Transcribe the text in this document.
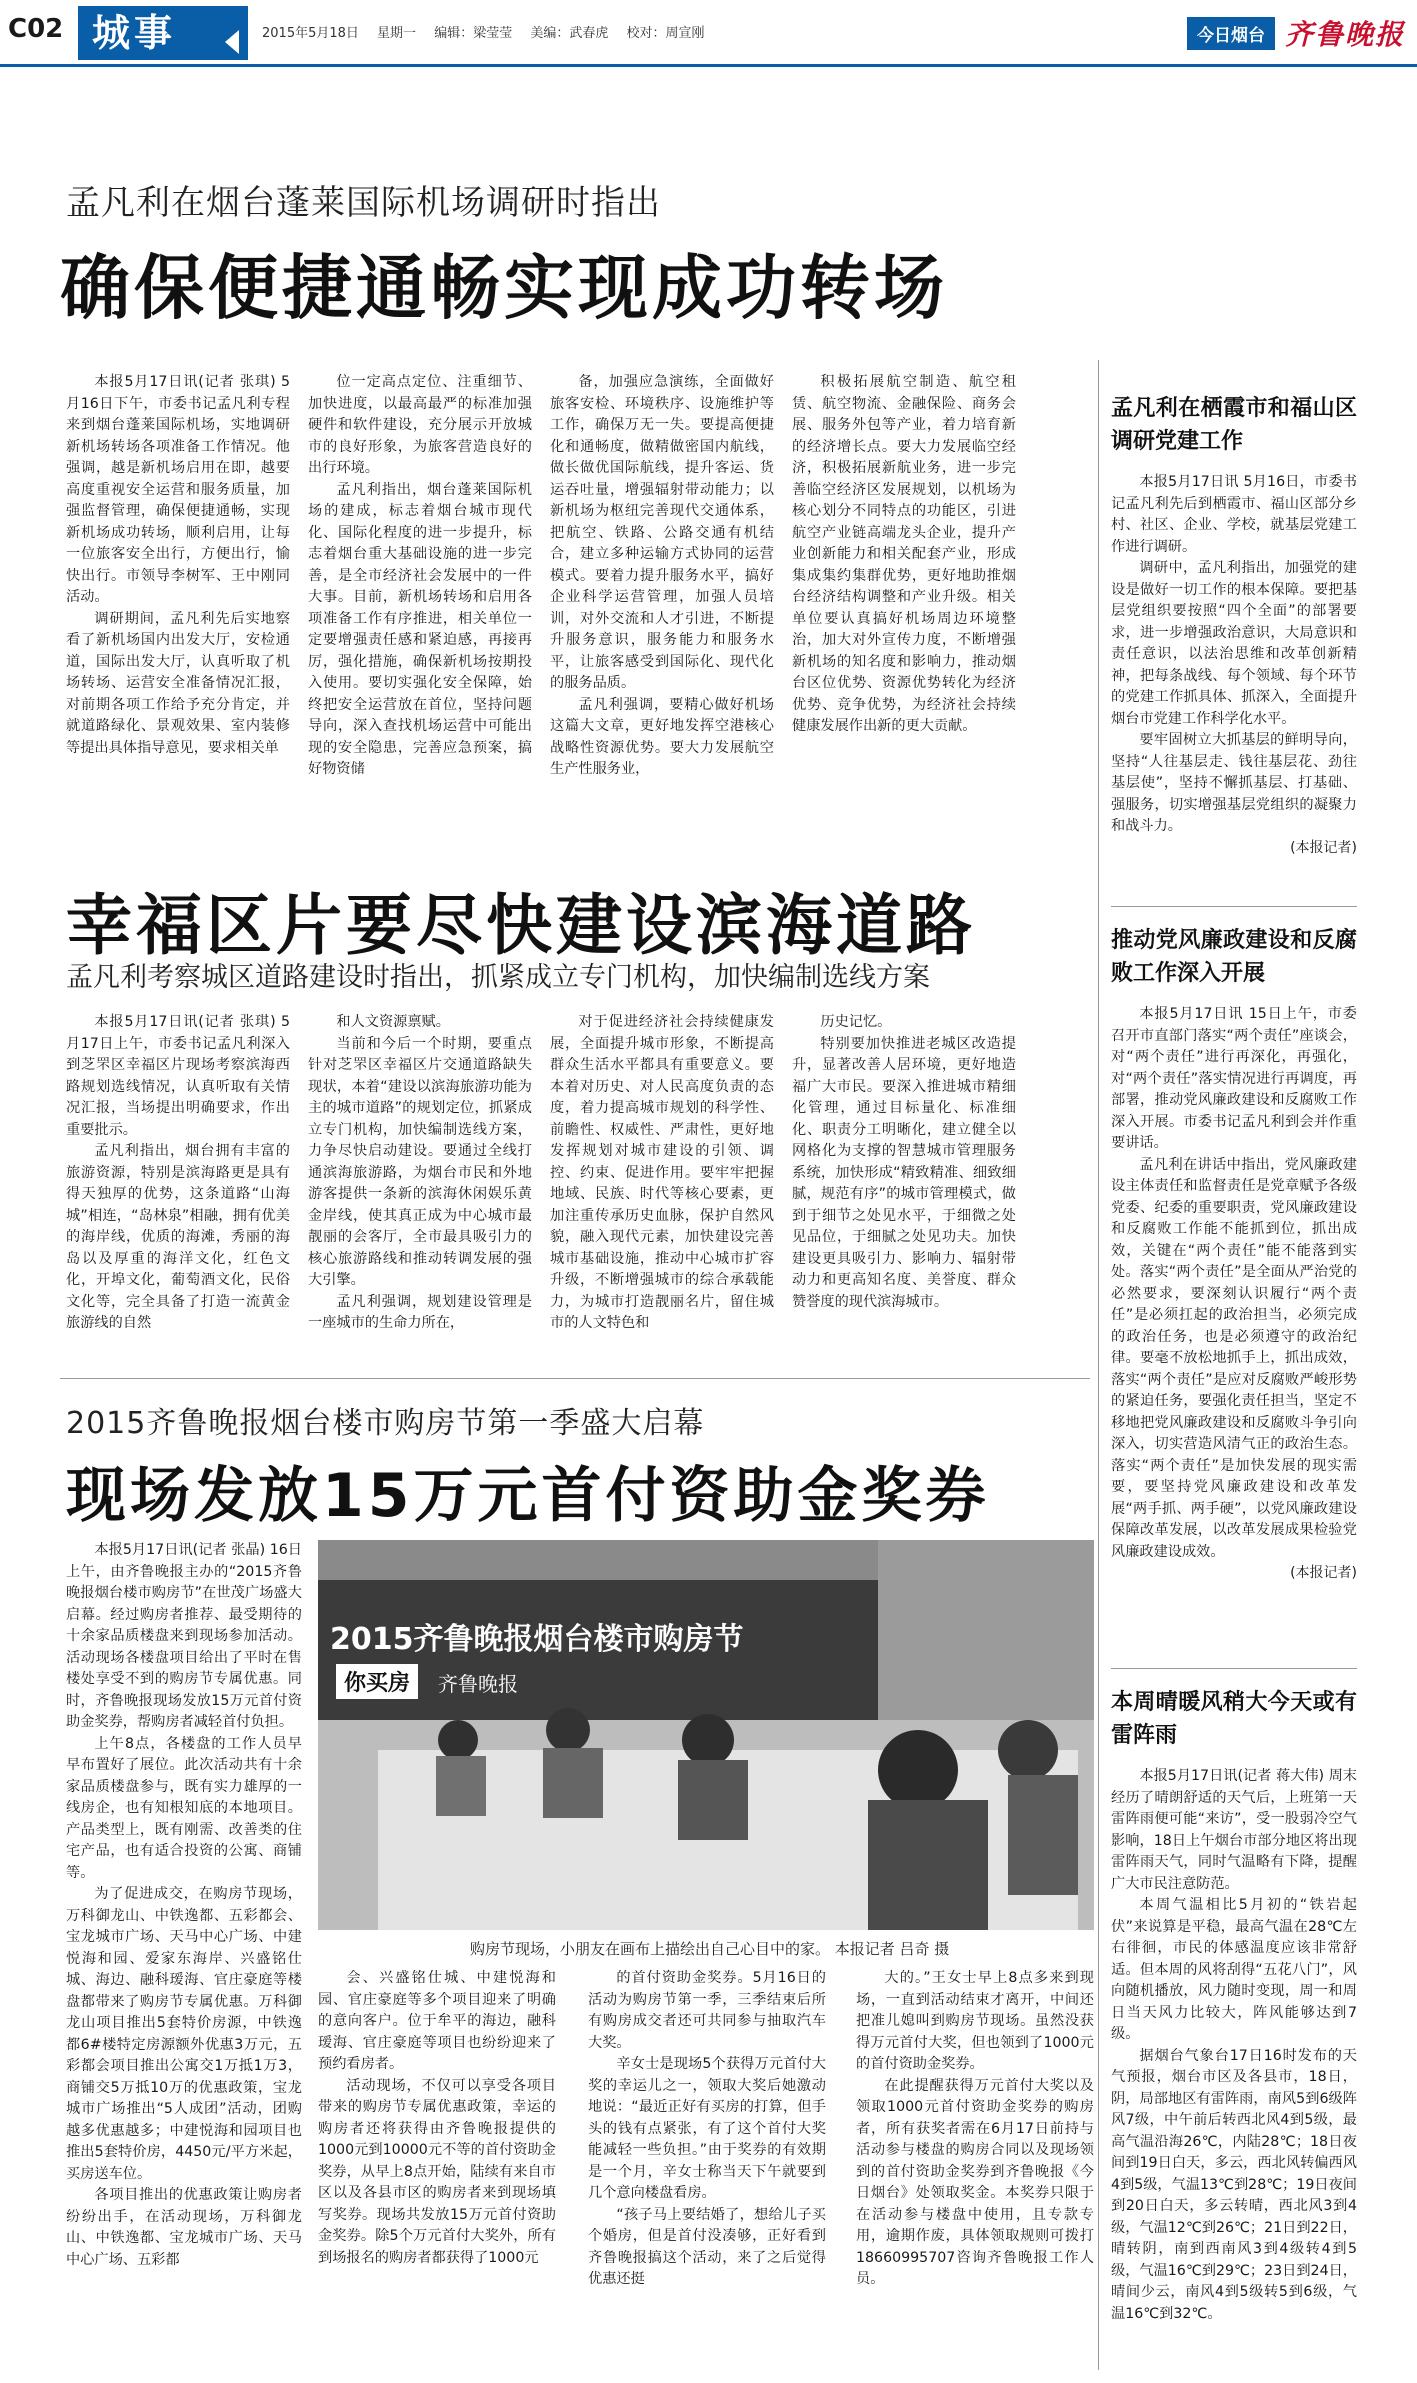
C02 城事	2015年5月18日 星期一 编辑：梁莹莹 美编：武春虎 校对：周宣刚	今日烟台 齐鲁晚报
孟凡利在烟台蓬莱国际机场调研时指出
确保便捷通畅实现成功转场

本报5月17日讯(记者 张琪) 5月16日下午，市委书记孟凡利专程来到烟台蓬莱国际机场，实地调研新机场转场各项准备工作情况。他强调，越是新机场启用在即，越要高度重视安全运营和服务质量，加强监督管理，确保便捷通畅，实现新机场成功转场，顺利启用，让每一位旅客安全出行，方便出行，愉快出行。市领导李树军、王中刚同活动。

调研期间，孟凡利先后实地察看了新机场国内出发大厅，安检通道，国际出发大厅，认真听取了机场转场、运营安全准备情况汇报，对前期各项工作给予充分肯定，并就道路绿化、景观效果、室内装修等提出具体指导意见，要求相关单

位一定高点定位、注重细节、加快进度，以最高最严的标准加强硬件和软件建设，充分展示开放城市的良好形象，为旅客营造良好的出行环境。

孟凡利指出，烟台蓬莱国际机场的建成，标志着烟台城市现代化、国际化程度的进一步提升，标志着烟台重大基础设施的进一步完善，是全市经济社会发展中的一件大事。目前，新机场转场和启用各项准备工作有序推进，相关单位一定要增强责任感和紧迫感，再接再厉，强化措施，确保新机场按期投入使用。要切实强化安全保障，始终把安全运营放在首位，坚持问题导向，深入查找机场运营中可能出现的安全隐患，完善应急预案，搞好物资储

备，加强应急演练，全面做好旅客安检、环境秩序、设施维护等工作，确保万无一失。要提高便捷化和通畅度，做精做密国内航线，做长做优国际航线，提升客运、货运吞吐量，增强辐射带动能力；以新机场为枢纽完善现代交通体系，把航空、铁路、公路交通有机结合，建立多种运输方式协同的运营模式。要着力提升服务水平，搞好企业科学运营管理，加强人员培训，对外交流和人才引进，不断提升服务意识，服务能力和服务水平，让旅客感受到国际化、现代化的服务品质。

孟凡利强调，要精心做好机场这篇大文章，更好地发挥空港核心战略性资源优势。要大力发展航空生产性服务业，

积极拓展航空制造、航空租赁、航空物流、金融保险、商务会展、服务外包等产业，着力培育新的经济增长点。要大力发展临空经济，积极拓展新航业务，进一步完善临空经济区发展规划，以机场为核心划分不同特点的功能区，引进航空产业链高端龙头企业，提升产业创新能力和相关配套产业，形成集成集约集群优势，更好地助推烟台经济结构调整和产业升级。相关单位要认真搞好机场周边环境整治，加大对外宣传力度，不断增强新机场的知名度和影响力，推动烟台区位优势、资源优势转化为经济优势、竞争优势，为经济社会持续健康发展作出新的更大贡献。

幸福区片要尽快建设滨海道路
孟凡利考察城区道路建设时指出，抓紧成立专门机构，加快编制选线方案

本报5月17日讯(记者 张琪) 5月17日上午，市委书记孟凡利深入到芝罘区幸福区片现场考察滨海西路规划选线情况，认真听取有关情况汇报，当场提出明确要求，作出重要批示。

孟凡利指出，烟台拥有丰富的旅游资源，特别是滨海路更是具有得天独厚的优势，这条道路“山海城”相连，“岛林泉”相融，拥有优美的海岸线，优质的海滩，秀丽的海岛以及厚重的海洋文化，红色文化，开埠文化，葡萄酒文化，民俗文化等，完全具备了打造一流黄金旅游线的自然

和人文资源禀赋。

当前和今后一个时期，要重点针对芝罘区幸福区片交通道路缺失现状，本着“建设以滨海旅游功能为主的城市道路”的规划定位，抓紧成立专门机构，加快编制选线方案，力争尽快启动建设。要通过全线打通滨海旅游路，为烟台市民和外地游客提供一条新的滨海休闲娱乐黄金岸线，使其真正成为中心城市最靓丽的会客厅，全市最具吸引力的核心旅游路线和推动转调发展的强大引擎。

孟凡利强调，规划建设管理是一座城市的生命力所在，

对于促进经济社会持续健康发展，全面提升城市形象，不断提高群众生活水平都具有重要意义。要本着对历史、对人民高度负责的态度，着力提高城市规划的科学性、前瞻性、权威性、严肃性，更好地发挥规划对城市建设的引领、调控、约束、促进作用。要牢牢把握地域、民族、时代等核心要素，更加注重传承历史血脉，保护自然风貌，融入现代元素，加快建设完善城市基础设施，推动中心城市扩容升级，不断增强城市的综合承载能力，为城市打造靓丽名片，留住城市的人文特色和

历史记忆。

特别要加快推进老城区改造提升，显著改善人居环境，更好地造福广大市民。要深入推进城市精细化管理，通过目标量化、标准细化、职责分工明晰化，建立健全以网格化为支撑的智慧城市管理服务系统，加快形成“精致精准、细致细腻，规范有序”的城市管理模式，做到于细节之处见水平，于细微之处见品位，于细腻之处见功夫。加快建设更具吸引力、影响力、辐射带动力和更高知名度、美誉度、群众赞誉度的现代滨海城市。

2015齐鲁晚报烟台楼市购房节第一季盛大启幕
现场发放15万元首付资助金奖券

本报5月17日讯(记者 张晶) 16日上午，由齐鲁晚报主办的“2015齐鲁晚报烟台楼市购房节”在世茂广场盛大启幕。经过购房者推荐、最受期待的十余家品质楼盘来到现场参加活动。活动现场各楼盘项目给出了平时在售楼处享受不到的购房节专属优惠。同时，齐鲁晚报现场发放15万元首付资助金奖券，帮购房者减轻首付负担。

上午8点，各楼盘的工作人员早早布置好了展位。此次活动共有十余家品质楼盘参与，既有实力雄厚的一线房企，也有知根知底的本地项目。产品类型上，既有刚需、改善类的住宅产品，也有适合投资的公寓、商铺等。

为了促进成交，在购房节现场，万科御龙山、中铁逸都、五彩都会、宝龙城市广场、天马中心广场、中建悦海和园、爱家东海岸、兴盛铭仕城、海边、融科瑷海、官庄豪庭等楼盘都带来了购房节专属优惠。万科御龙山项目推出5套特价房源，中铁逸都6#楼特定房源额外优惠3万元，五彩都会项目推出公寓交1万抵1万3，商铺交5万抵10万的优惠政策，宝龙城市广场推出“5人成团”活动，团购越多优惠越多；中建悦海和园项目也推出5套特价房，4450元/平方米起，买房送车位。

各项目推出的优惠政策让购房者纷纷出手，在活动现场，万科御龙山、中铁逸都、宝龙城市广场、天马中心广场、五彩都

2015齐鲁晚报烟台楼市购房节
你买房	齐鲁晚报
购房节现场，小朋友在画布上描绘出自己心目中的家。 本报记者 吕奇 摄

会、兴盛铭仕城、中建悦海和园、官庄豪庭等多个项目迎来了明确的意向客户。位于牟平的海边，融科瑷海、官庄豪庭等项目也纷纷迎来了预约看房者。

活动现场，不仅可以享受各项目带来的购房节专属优惠政策，幸运的购房者还将获得由齐鲁晚报提供的1000元到10000元不等的首付资助金奖券，从早上8点开始，陆续有来自市区以及各县市区的购房者来到现场填写奖券。现场共发放15万元首付资助金奖券。除5个万元首付大奖外，所有到场报名的购房者都获得了1000元

的首付资助金奖券。5月16日的活动为购房节第一季，三季结束后所有购房成交者还可共同参与抽取汽车大奖。

辛女士是现场5个获得万元首付大奖的幸运儿之一，领取大奖后她激动地说：“最近正好有买房的打算，但手头的钱有点紧张，有了这个首付大奖能减轻一些负担。”由于奖券的有效期是一个月，辛女士称当天下午就要到几个意向楼盘看房。

“孩子马上要结婚了，想给儿子买个婚房，但是首付没凑够，正好看到齐鲁晚报搞这个活动，来了之后觉得优惠还挺

大的。”王女士早上8点多来到现场，一直到活动结束才离开，中间还把准儿媳叫到购房节现场。虽然没获得万元首付大奖，但也领到了1000元的首付资助金奖券。

在此提醒获得万元首付大奖以及领取1000元首付资助金奖券的购房者，所有获奖者需在6月17日前持与活动参与楼盘的购房合同以及现场领到的首付资助金奖券到齐鲁晚报《今日烟台》处领取奖金。本奖券只限于在活动参与楼盘中使用，且专款专用，逾期作废，具体领取规则可拨打18660995707咨询齐鲁晚报工作人员。

孟凡利在栖霞市和福山区调研党建工作

本报5月17日讯 5月16日，市委书记孟凡利先后到栖霞市、福山区部分乡村、社区、企业、学校，就基层党建工作进行调研。

调研中，孟凡利指出，加强党的建设是做好一切工作的根本保障。要把基层党组织要按照“四个全面”的部署要求，进一步增强政治意识，大局意识和责任意识，以法治思维和改革创新精神，把每条战线、每个领域、每个环节的党建工作抓具体、抓深入，全面提升烟台市党建工作科学化水平。

要牢固树立大抓基层的鲜明导向，坚持“人往基层走、钱往基层花、劲往基层使”，坚持不懈抓基层、打基础、强服务，切实增强基层党组织的凝聚力和战斗力。

(本报记者)
推动党风廉政建设和反腐败工作深入开展

本报5月17日讯 15日上午，市委召开市直部门落实“两个责任”座谈会，对“两个责任”进行再深化，再强化，对“两个责任”落实情况进行再调度，再部署，推动党风廉政建设和反腐败工作深入开展。市委书记孟凡利到会并作重要讲话。

孟凡利在讲话中指出，党风廉政建设主体责任和监督责任是党章赋予各级党委、纪委的重要职责，党风廉政建设和反腐败工作能不能抓到位，抓出成效，关键在“两个责任”能不能落到实处。落实“两个责任”是全面从严治党的必然要求，要深刻认识履行“两个责任”是必须扛起的政治担当，必须完成的政治任务，也是必须遵守的政治纪律。要毫不放松地抓手上，抓出成效，落实“两个责任”是应对反腐败严峻形势的紧迫任务，要强化责任担当，坚定不移地把党风廉政建设和反腐败斗争引向深入，切实营造风清气正的政治生态。落实“两个责任”是加快发展的现实需要，要坚持党风廉政建设和改革发展“两手抓、两手硬”，以党风廉政建设保障改革发展，以改革发展成果检验党风廉政建设成效。

(本报记者)
本周晴暖风稍大今天或有雷阵雨

本报5月17日讯(记者 蒋大伟) 周末经历了晴朗舒适的天气后，上班第一天雷阵雨便可能“来访”，受一股弱冷空气影响，18日上午烟台市部分地区将出现雷阵雨天气，同时气温略有下降，提醒广大市民注意防范。

本周气温相比5月初的“铁岩起伏”来说算是平稳，最高气温在28℃左右徘徊，市民的体感温度应该非常舒适。但本周的风将刮得“五花八门”，风向随机播放，风力随时变现，周一和周日当天风力比较大，阵风能够达到7级。

据烟台气象台17日16时发布的天气预报，烟台市区及各县市，18日，阴，局部地区有雷阵雨，南风5到6级阵风7级，中午前后转西北风4到5级，最高气温沿海26℃，内陆28℃；18日夜间到19日白天，多云，西北风转偏西风4到5级，气温13℃到28℃；19日夜间到20日白天，多云转晴，西北风3到4级，气温12℃到26℃；21日到22日，晴转阴，南到西南风3到4级转4到5级，气温16℃到29℃；23日到24日，晴间少云，南风4到5级转5到6级，气温16℃到32℃。
